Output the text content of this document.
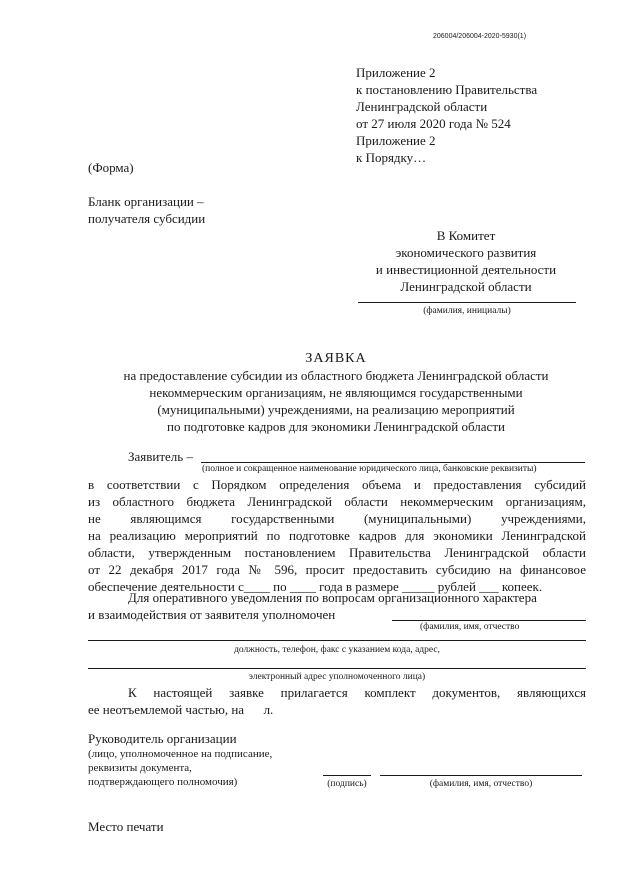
206004/206004-2020-5930(1)
Приложение 2
к постановлению Правительства
Ленинградской области
от 27 июля 2020 года № 524
Приложение 2
к Порядку…
(Форма)
Бланк организации –
получателя субсидии
В Комитет
экономического развития
и инвестиционной деятельности
Ленинградской области
(фамилия, инициалы)
ЗАЯВКА
на предоставление субсидии из областного бюджета Ленинградской области
некоммерческим организациям, не являющимся государственными
(муниципальными) учреждениями, на реализацию мероприятий
по подготовке кадров для экономики Ленинградской области
Заявитель –
(полное и сокращенное наименование юридического лица, банковские реквизиты)
в соответствии с Порядком определения объема и предоставления субсидий
из областного бюджета Ленинградской области некоммерческим организациям,
не являющимся государственными (муниципальными) учреждениями,
на реализацию мероприятий по подготовке кадров для экономики Ленинградской
области, утвержденным постановлением Правительства Ленинградской области
от 22 декабря 2017 года № 596, просит предоставить субсидию на финансовое
обеспечение деятельности с____ по ____ года в размере _____ рублей ___ копеек.
Для оперативного уведомления по вопросам организационного характера
и взаимодействия от заявителя уполномочен
(фамилия, имя, отчество
должность, телефон, факс с указанием кода, адрес,
электронный адрес уполномоченного лица)
К настоящей заявке прилагается комплект документов, являющихся
ее неотъемлемой частью, на      л.
Руководитель организации
(лицо, уполномоченное на подписание,
реквизиты документа,
подтверждающего полномочия)	(подпись)	(фамилия, имя, отчество)
Место печати
